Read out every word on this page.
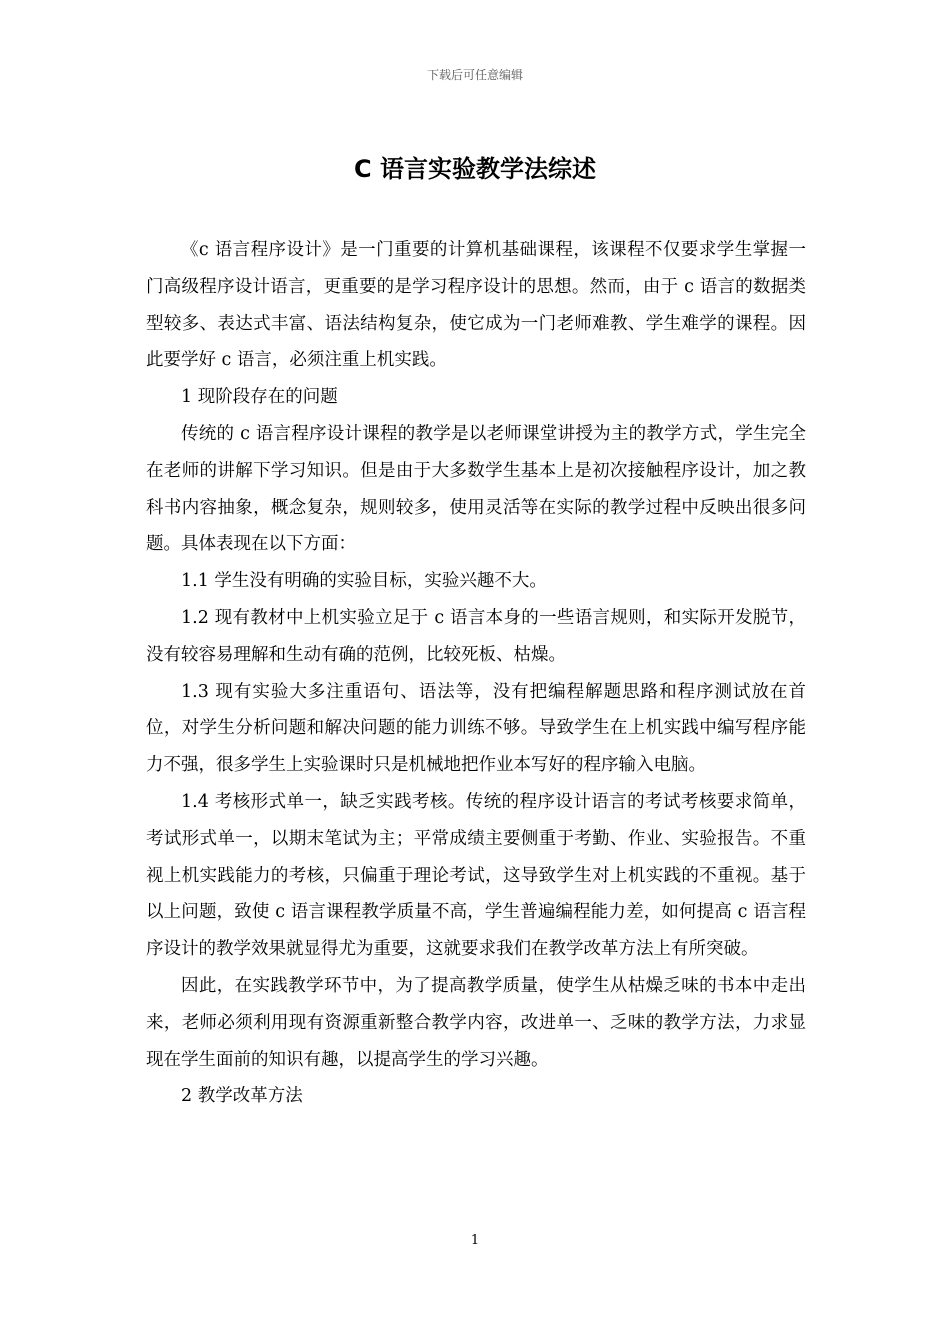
下载后可任意编辑
C 语言实验教学法综述

《c 语言程序设计》是一门重要的计算机基础课程，该课程不仅要求学生掌握一门高级程序设计语言，更重要的是学习程序设计的思想。然而，由于 c 语言的数据类型较多、表达式丰富、语法结构复杂，使它成为一门老师难教、学生难学的课程。因此要学好 c 语言，必须注重上机实践。

1 现阶段存在的问题

传统的 c 语言程序设计课程的教学是以老师课堂讲授为主的教学方式，学生完全在老师的讲解下学习知识。但是由于大多数学生基本上是初次接触程序设计，加之教科书内容抽象，概念复杂，规则较多，使用灵活等在实际的教学过程中反映出很多问题。具体表现在以下方面：

1.1 学生没有明确的实验目标，实验兴趣不大。

1.2 现有教材中上机实验立足于 c 语言本身的一些语言规则，和实际开发脱节，没有较容易理解和生动有确的范例，比较死板、枯燥。

1.3 现有实验大多注重语句、语法等，没有把编程解题思路和程序测试放在首位，对学生分析问题和解决问题的能力训练不够。导致学生在上机实践中编写程序能力不强，很多学生上实验课时只是机械地把作业本写好的程序输入电脑。

1.4 考核形式单一，缺乏实践考核。传统的程序设计语言的考试考核要求简单，考试形式单一，以期末笔试为主；平常成绩主要侧重于考勤、作业、实验报告。不重视上机实践能力的考核，只偏重于理论考试，这导致学生对上机实践的不重视。基于以上问题，致使 c 语言课程教学质量不高，学生普遍编程能力差，如何提高 c 语言程序设计的教学效果就显得尤为重要，这就要求我们在教学改革方法上有所突破。

因此，在实践教学环节中，为了提高教学质量，使学生从枯燥乏味的书本中走出来，老师必须利用现有资源重新整合教学内容，改进单一、乏味的教学方法，力求显现在学生面前的知识有趣，以提高学生的学习兴趣。

2 教学改革方法

1
